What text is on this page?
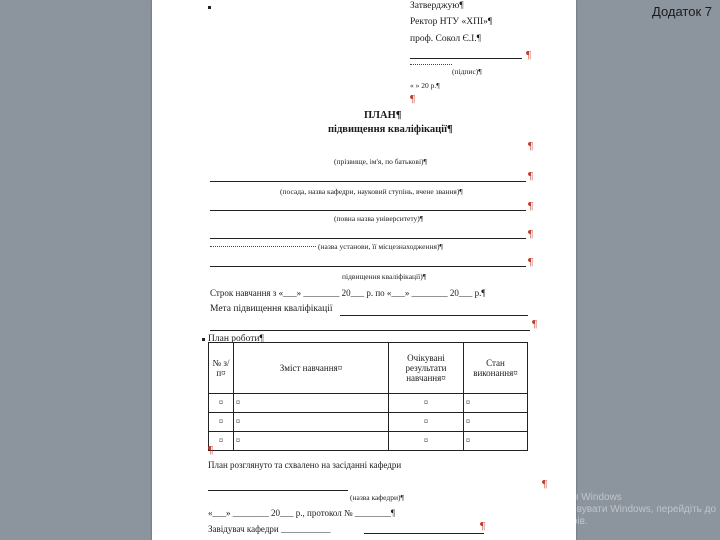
Додаток 7
Затверджую¶
Ректор НТУ «ХПІ»¶
проф. Сокол Є.І.¶
¶
(підпис)¶
« » 20 р.¶
¶
ПЛАН¶
підвищення кваліфікації¶
¶
(прізвище, ім'я, по батькові)¶
¶
(посада, назва кафедри, науковий ступінь, вчене звання)¶
¶
(повна назва університету)¶
¶
(назва установи, її місцезнаходження)¶
¶
підвищення кваліфікації)¶
Строк навчання з «___» ________ 20___ р. по «___» ________ 20___ р.¶
Мета підвищення кваліфікації
¶
План роботи¶
№ з/п¤	Зміст навчання¤	Очікувані результати навчання¤	Стан виконання¤
¤	¤	¤	¤
¤	¤	¤	¤
¤	¤	¤	¤
¶
План розглянуто та схвалено на засіданні кафедри
¶
(назва кафедри)¶
«___» ________ 20___ р., протокол № ________¶
Завідувач кафедри ___________	¶
Активація Windows
Щоб активувати Windows, перейдіть до
параметрів.
